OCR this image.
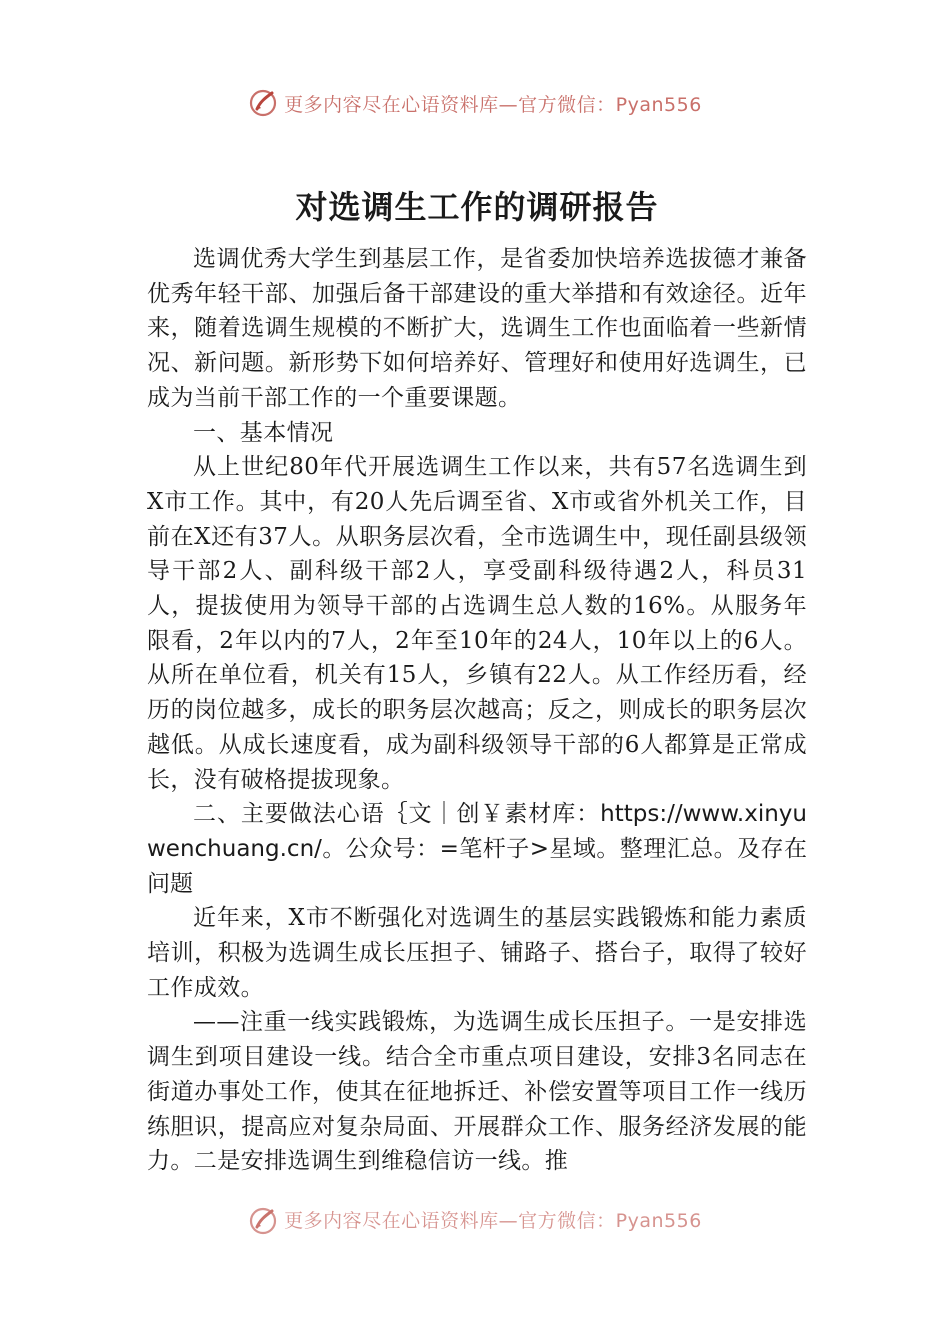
更多内容尽在心语资料库—官方微信：Pyan556
对选调生工作的调研报告

选调优秀大学生到基层工作，是省委加快培养选拔德才兼备优秀年轻干部、加强后备干部建设的重大举措和有效途径。近年来，随着选调生规模的不断扩大，选调生工作也面临着一些新情况、新问题。新形势下如何培养好、管理好和使用好选调生，已成为当前干部工作的一个重要课题。

一、基本情况

从上世纪80年代开展选调生工作以来，共有57名选调生到X市工作。其中，有20人先后调至省、X市或省外机关工作，目前在X还有37人。从职务层次看，全市选调生中，现任副县级领导干部2人、副科级干部2人，享受副科级待遇2人，科员31人，提拔使用为领导干部的占选调生总人数的16%。从服务年限看，2年以内的7人，2年至10年的24人，10年以上的6人。从所在单位看，机关有15人，乡镇有22人。从工作经历看，经历的岗位越多，成长的职务层次越高；反之，则成长的职务层次越低。从成长速度看，成为副科级领导干部的6人都算是正常成长，没有破格提拔现象。

二、主要做法心语｛文｜创￥素材库：https://www.xinyuwenchuang.cn/。公众号：=笔杆子>星域。整理汇总。及存在问题

近年来，X市不断强化对选调生的基层实践锻炼和能力素质培训，积极为选调生成长压担子、铺路子、搭台子，取得了较好工作成效。

——注重一线实践锻炼，为选调生成长压担子。一是安排选调生到项目建设一线。结合全市重点项目建设，安排3名同志在街道办事处工作，使其在征地拆迁、补偿安置等项目工作一线历练胆识，提高应对复杂局面、开展群众工作、服务经济发展的能力。二是安排选调生到维稳信访一线。推

更多内容尽在心语资料库—官方微信：Pyan556
